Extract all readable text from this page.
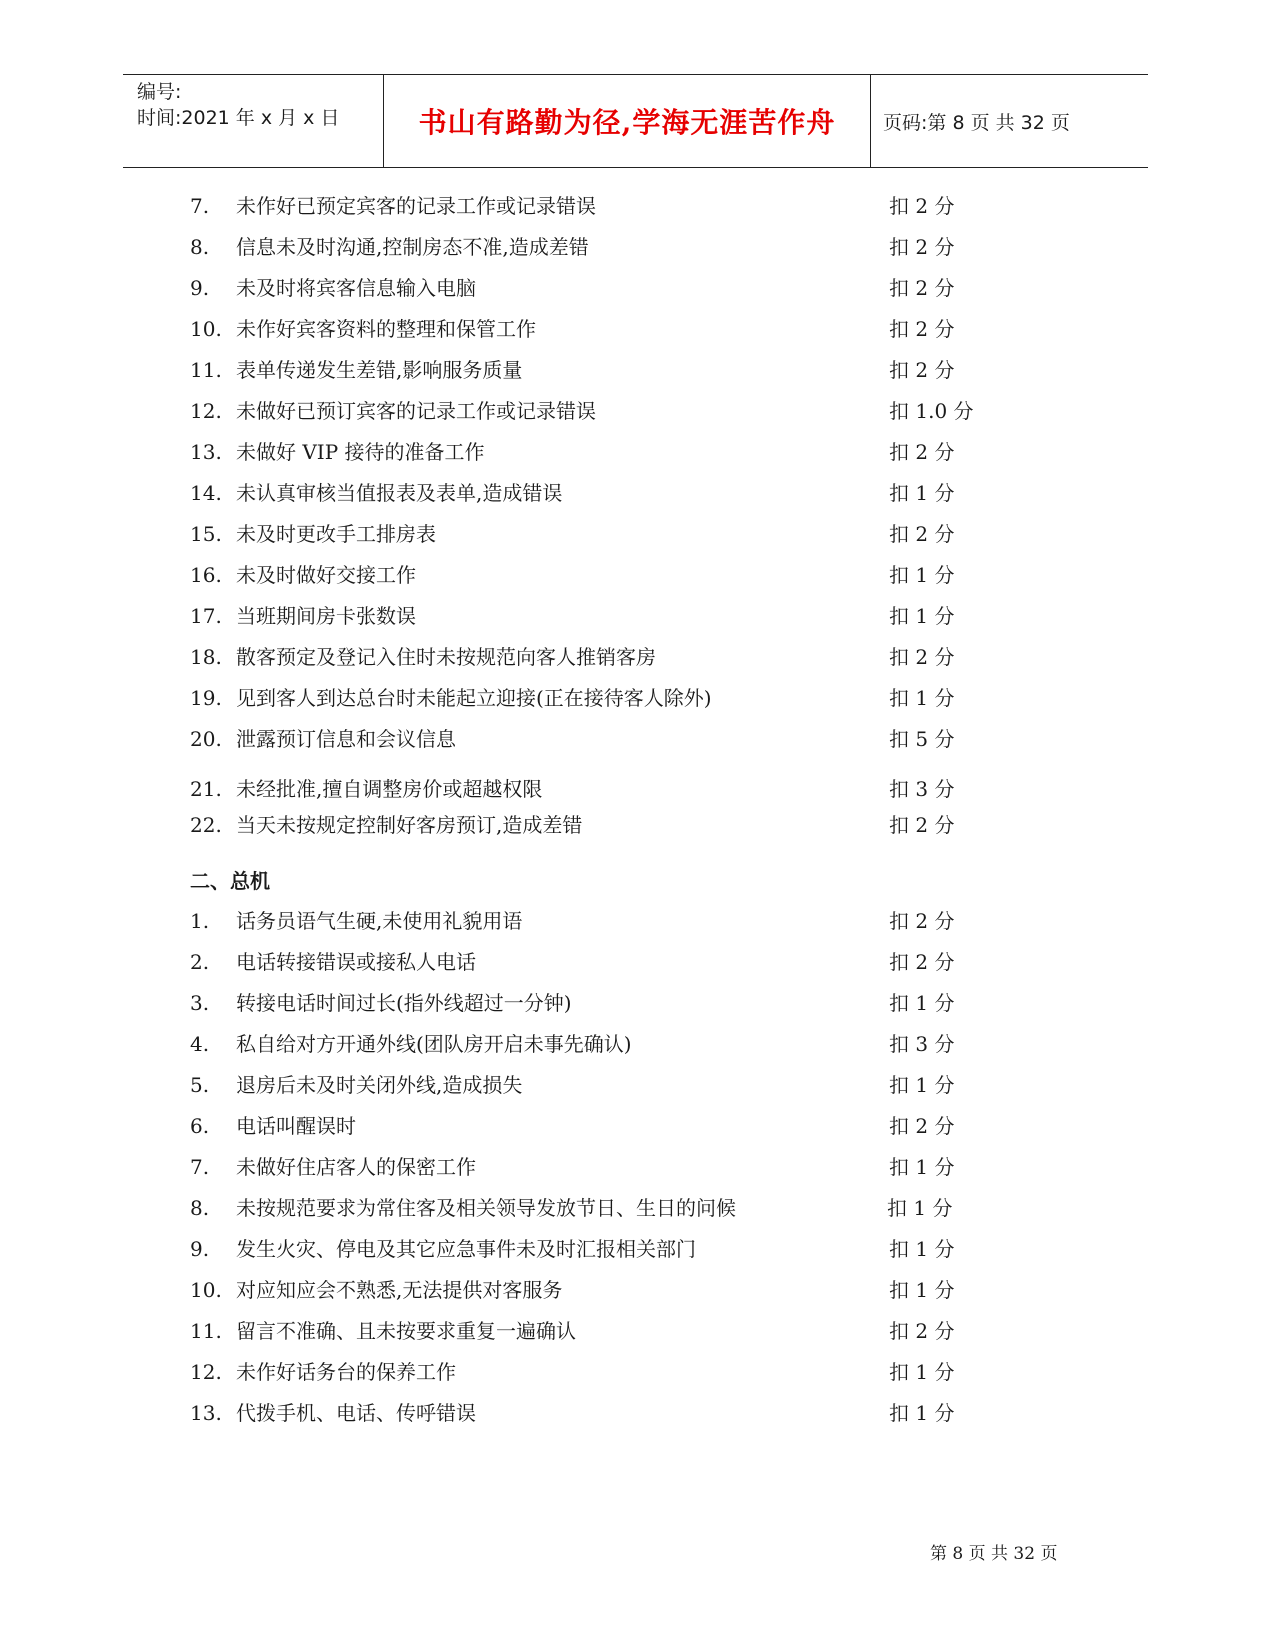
编号:
时间:2021 年 x 月 x 日	书山有路勤为径,学海无涯苦作舟	页码:第 8 页 共 32 页
7. 未作好已预定宾客的记录工作或记录错误	扣 2 分
8. 信息未及时沟通,控制房态不准,造成差错	扣 2 分
9. 未及时将宾客信息输入电脑	扣 2 分
10. 未作好宾客资料的整理和保管工作	扣 2 分
11. 表单传递发生差错,影响服务质量	扣 2 分
12. 未做好已预订宾客的记录工作或记录错误	扣 1.0 分
13. 未做好 VIP 接待的准备工作	扣 2 分
14. 未认真审核当值报表及表单,造成错误	扣 1 分
15. 未及时更改手工排房表	扣 2 分
16. 未及时做好交接工作	扣 1 分
17. 当班期间房卡张数误	扣 1 分
18. 散客预定及登记入住时未按规范向客人推销客房	扣 2 分
19. 见到客人到达总台时未能起立迎接(正在接待客人除外)	扣 1 分
20. 泄露预订信息和会议信息	扣 5 分
21. 未经批准,擅自调整房价或超越权限	扣 3 分
22. 当天未按规定控制好客房预订,造成差错	扣 2 分
二、总机
1. 话务员语气生硬,未使用礼貌用语	扣 2 分
2. 电话转接错误或接私人电话	扣 2 分
3. 转接电话时间过长(指外线超过一分钟)	扣 1 分
4. 私自给对方开通外线(团队房开启未事先确认)	扣 3 分
5. 退房后未及时关闭外线,造成损失	扣 1 分
6. 电话叫醒误时	扣 2 分
7. 未做好住店客人的保密工作	扣 1 分
8. 未按规范要求为常住客及相关领导发放节日、生日的问候	扣 1 分
9. 发生火灾、停电及其它应急事件未及时汇报相关部门	扣 1 分
10. 对应知应会不熟悉,无法提供对客服务	扣 1 分
11. 留言不准确、且未按要求重复一遍确认	扣 2 分
12. 未作好话务台的保养工作	扣 1 分
13. 代拨手机、电话、传呼错误	扣 1 分
第 8 页 共 32 页
